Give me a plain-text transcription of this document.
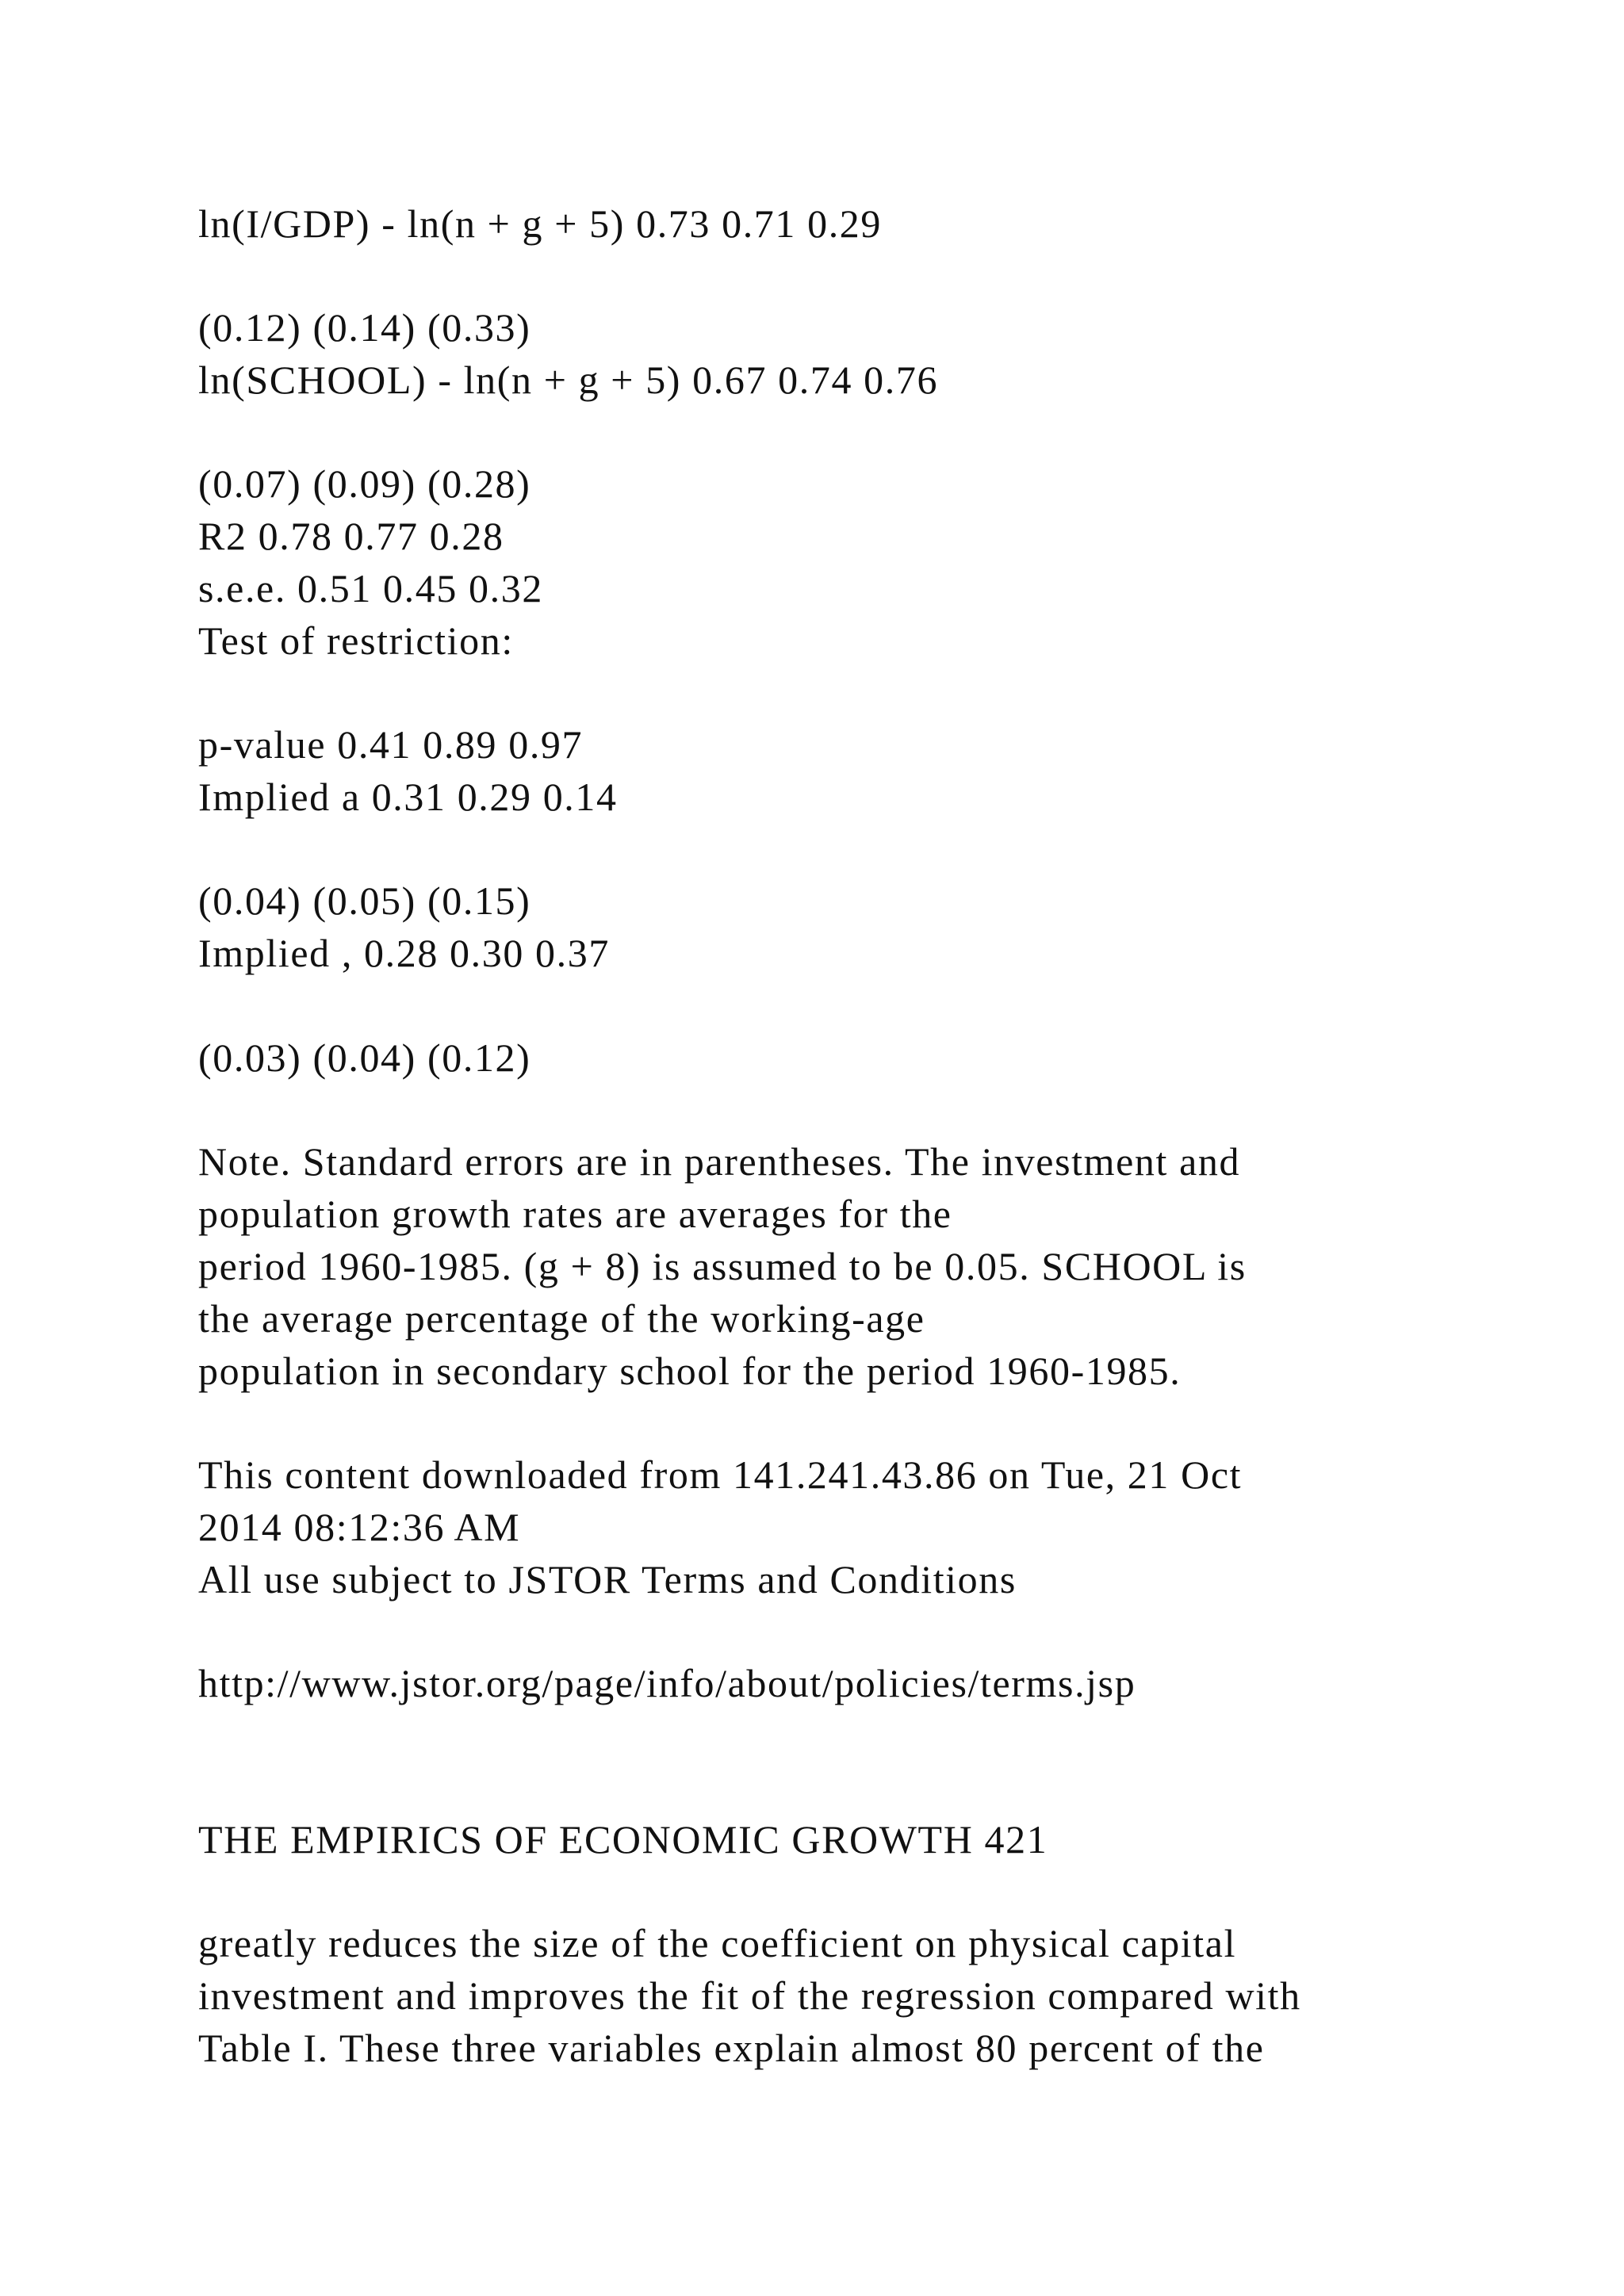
ln(I/GDP) - ln(n + g + 5) 0.73 0.71 0.29
(0.12) (0.14) (0.33)
ln(SCHOOL) - ln(n + g + 5) 0.67 0.74 0.76
(0.07) (0.09) (0.28)
R2 0.78 0.77 0.28
s.e.e. 0.51 0.45 0.32
Test of restriction:
p-value 0.41 0.89 0.97
Implied a 0.31 0.29 0.14
(0.04) (0.05) (0.15)
Implied , 0.28 0.30 0.37
(0.03) (0.04) (0.12)
Note. Standard errors are in parentheses. The investment and
population growth rates are averages for the
period 1960-1985. (g + 8) is assumed to be 0.05. SCHOOL is
the average percentage of the working-age
population in secondary school for the period 1960-1985.
This content downloaded from 141.241.43.86 on Tue, 21 Oct
2014 08:12:36 AM
All use subject to JSTOR Terms and Conditions
http://www.jstor.org/page/info/about/policies/terms.jsp
THE EMPIRICS OF ECONOMIC GROWTH 421
greatly reduces the size of the coefficient on physical capital
investment and improves the fit of the regression compared with
Table I. These three variables explain almost 80 percent of the
